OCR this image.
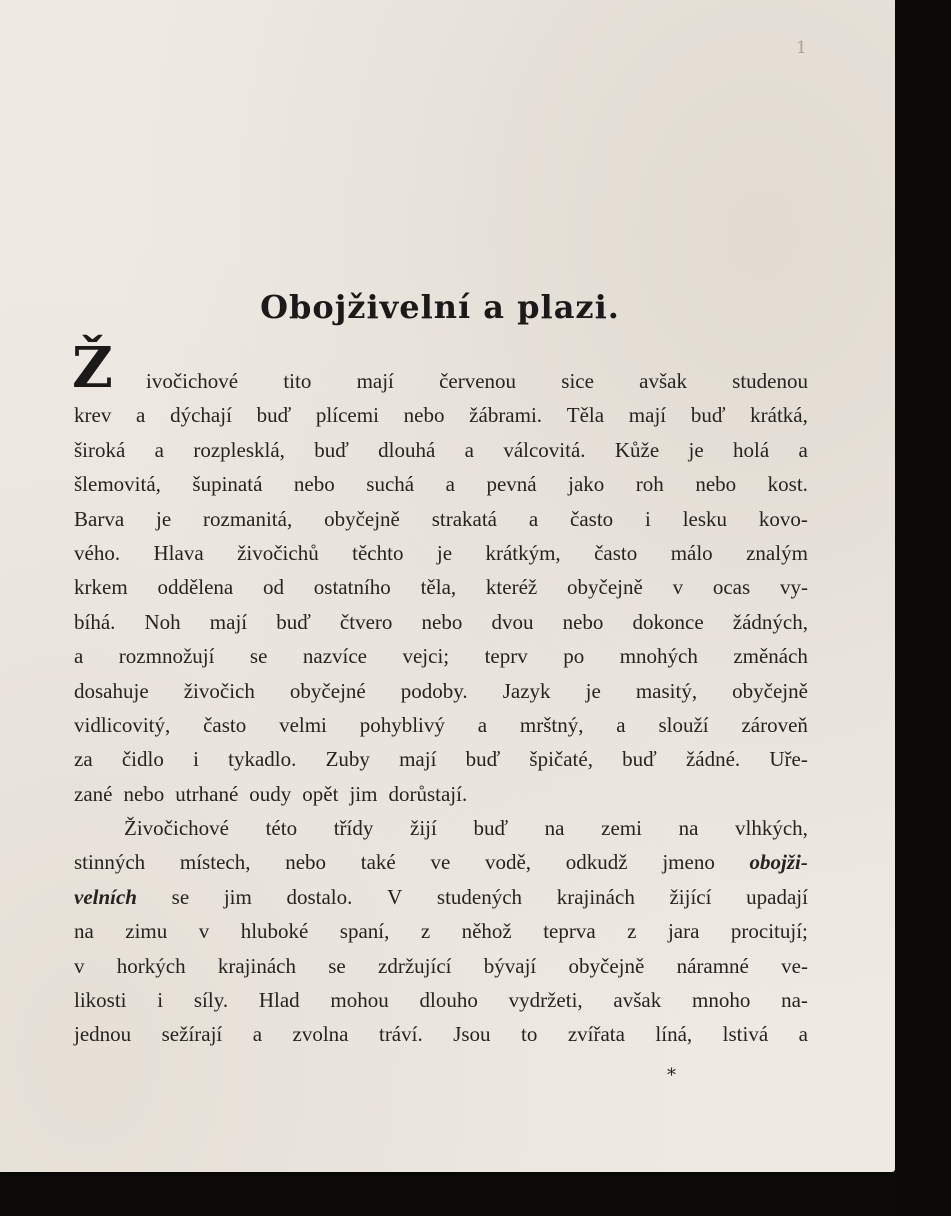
1
Obojživelní a plazi.
Ž ivočichové tito mají červenou sice avšak studenou
krev a dýchají buď plícemi nebo žábrami. Těla mají buď krátká,
široká a rozplesklá, buď dlouhá a válcovitá. Kůže je holá a
šlemovitá, šupinatá nebo suchá a pevná jako roh nebo kost.
Barva je rozmanitá, obyčejně strakatá a často i lesku kovo-
vého. Hlava živočichů těchto je krátkým, často málo znalým
krkem oddělena od ostatního těla, kteréž obyčejně v ocas vy-
bíhá. Noh mají buď čtvero nebo dvou nebo dokonce žádných,
a rozmnožují se nazvíce vejci; teprv po mnohých změnách
dosahuje živočich obyčejné podoby. Jazyk je masitý, obyčejně
vidlicovitý, často velmi pohyblivý a mrštný, a slouží zároveň
za čidlo i tykadlo. Zuby mají buď špičaté, buď žádné. Uře-
zané nebo utrhané oudy opět jim dorůstají.
Živočichové této třídy žijí buď na zemi na vlhkých,
stinných místech, nebo také ve vodě, odkudž jmeno obojži-
velních se jim dostalo. V studených krajinách žijící upadají
na zimu v hluboké spaní, z něhož teprva z jara procitují;
v horkých krajinách se zdržující bývají obyčejně náramné ve-
likosti i síly. Hlad mohou dlouho vydržeti, avšak mnoho na-
jednou sežírají a zvolna tráví. Jsou to zvířata líná, lstivá a
*
